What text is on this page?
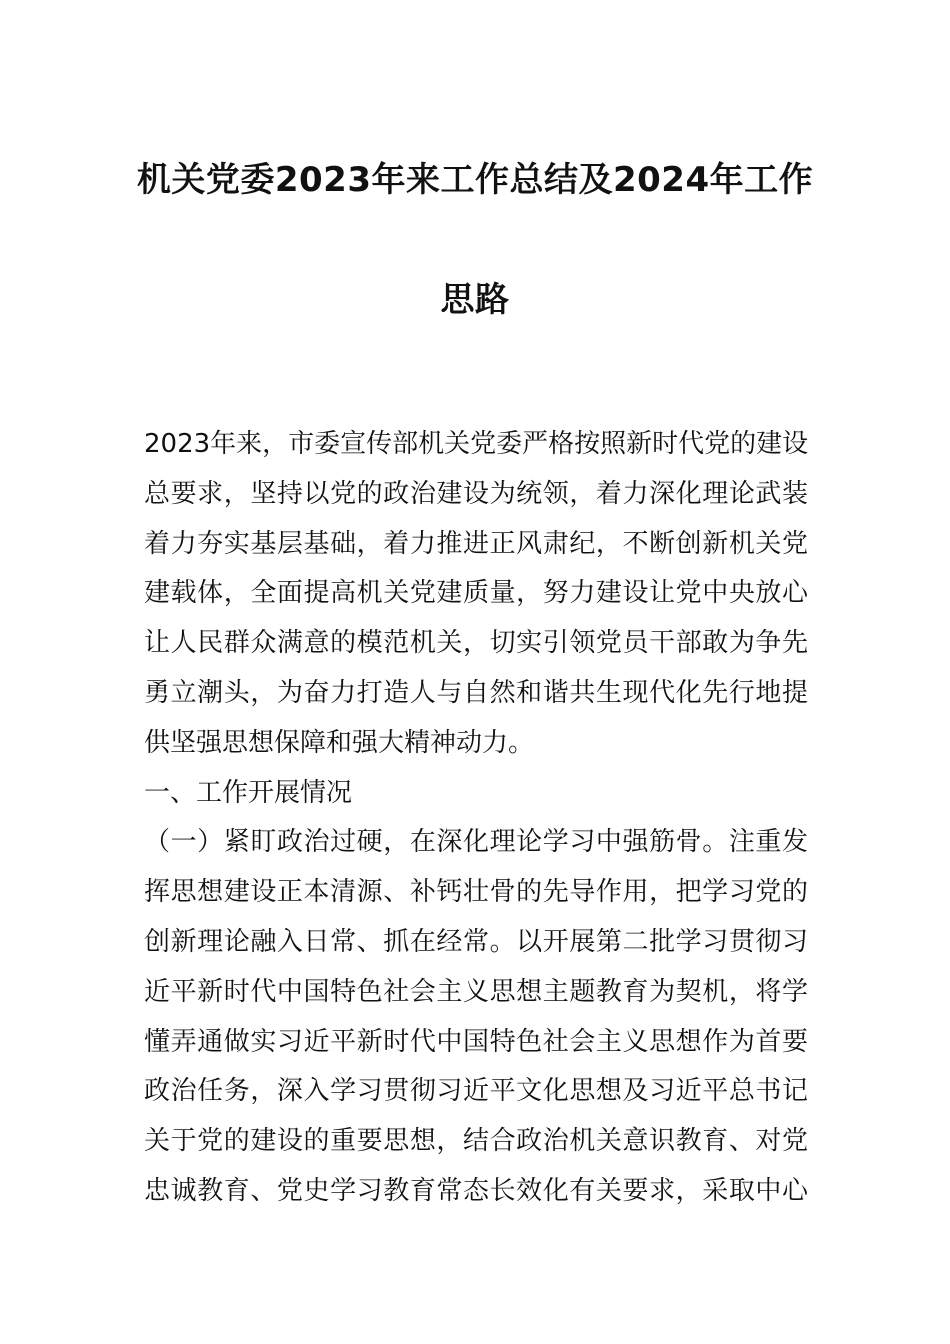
机关党委2023年来工作总结及2024年工作
思路
2023年来，市委宣传部机关党委严格按照新时代党的建设
总要求，坚持以党的政治建设为统领，着力深化理论武装
着力夯实基层基础，着力推进正风肃纪，不断创新机关党
建载体，全面提高机关党建质量，努力建设让党中央放心
让人民群众满意的模范机关，切实引领党员干部敢为争先
勇立潮头，为奋力打造人与自然和谐共生现代化先行地提
供坚强思想保障和强大精神动力。
一、工作开展情况
（一）紧盯政治过硬，在深化理论学习中强筋骨。注重发
挥思想建设正本清源、补钙壮骨的先导作用，把学习党的
创新理论融入日常、抓在经常。以开展第二批学习贯彻习
近平新时代中国特色社会主义思想主题教育为契机，将学
懂弄通做实习近平新时代中国特色社会主义思想作为首要
政治任务，深入学习贯彻习近平文化思想及习近平总书记
关于党的建设的重要思想，结合政治机关意识教育、对党
忠诚教育、党史学习教育常态长效化有关要求，采取中心
